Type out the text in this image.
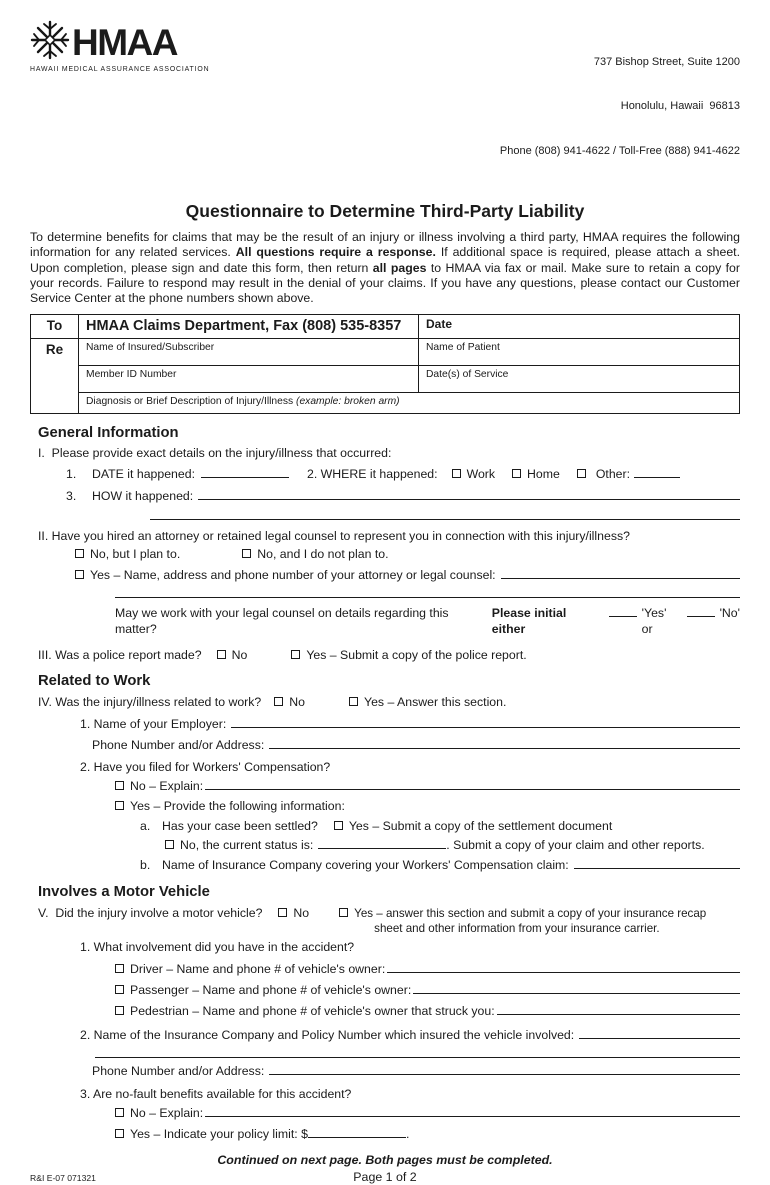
HMAA
HAWAII MEDICAL ASSURANCE ASSOCIATION

737 Bishop Street, Suite 1200

Honolulu, Hawaii  96813

Phone (808) 941-4622 / Toll-Free (888) 941-4622

Questionnaire to Determine Third-Party Liability
To determine benefits for claims that may be the result of an injury or illness involving a third party, HMAA requires the following information for any related services. All questions require a response. If additional space is required, please attach a sheet. Upon completion, please sign and date this form, then return all pages to HMAA via fax or mail. Make sure to retain a copy for your records. Failure to respond may result in the denial of your claims. If you have any questions, please contact our Customer Service Center at the phone numbers shown above.
To	HMAA Claims Department, Fax (808) 535-8357	Date
Re	Name of Insured/Subscriber	Name of Patient
	Member ID Number	Date(s) of Service
	Diagnosis or Brief Description of Injury/Illness (example: broken arm)	
General Information
I.  Please provide exact details on the injury/illness that occurred:
1.	DATE it happened:	2. WHERE it happened: Work	Home	Other:
3.	HOW it happened:
II. Have you hired an attorney or retained legal counsel to represent you in connection with this injury/illness?
No, but I plan to.	No, and I do not plan to.
Yes – Name, address and phone number of your attorney or legal counsel:
May we work with your legal counsel on details regarding this matter?
Please initial either
'Yes' or
'No'
III. Was a police report made? No	Yes – Submit a copy of the police report.
Related to Work
IV. Was the injury/illness related to work? No	Yes – Answer this section.
1. Name of your Employer:
Phone Number and/or Address:
2. Have you filed for Workers' Compensation?
No – Explain:
Yes – Provide the following information:
a. Has your case been settled?	Yes – Submit a copy of the settlement document
No, the current status is:	. Submit a copy of your claim and other reports.
b. Name of Insurance Company covering your Workers' Compensation claim:
Involves a Motor Vehicle
V.  Did the injury involve a motor vehicle?	No	Yes – answer this section and submit a copy of your insurance recap
sheet and other information from your insurance carrier.
1. What involvement did you have in the accident?
Driver – Name and phone # of vehicle's owner:
Passenger – Name and phone # of vehicle's owner:
Pedestrian – Name and phone # of vehicle's owner that struck you:
2. Name of the Insurance Company and Policy Number which insured the vehicle involved:
Phone Number and/or Address:
3. Are no-fault benefits available for this accident?
No – Explain:
Yes – Indicate your policy limit: $	.
Continued on next page. Both pages must be completed.
R&I E-07 071321	Page 1 of 2
